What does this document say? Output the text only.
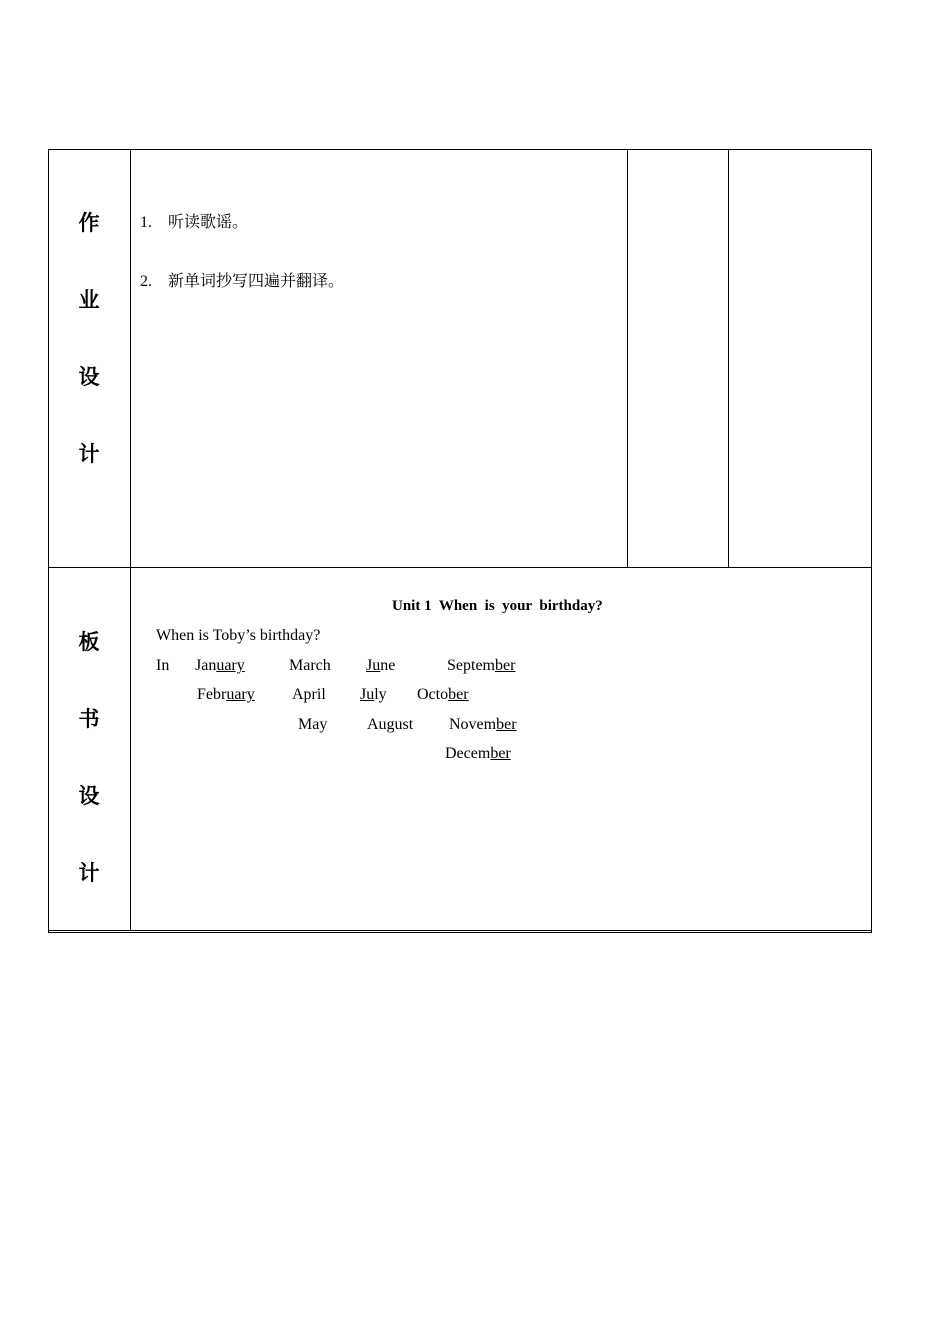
作
业
设
计
1. 听读歌谣。
2. 新单词抄写四遍并翻译。
板
书
设
计
Unit 1  When  is  your  birthday?
When is Toby’s birthday?
In January	March June	September
February April July October
May August November
December
